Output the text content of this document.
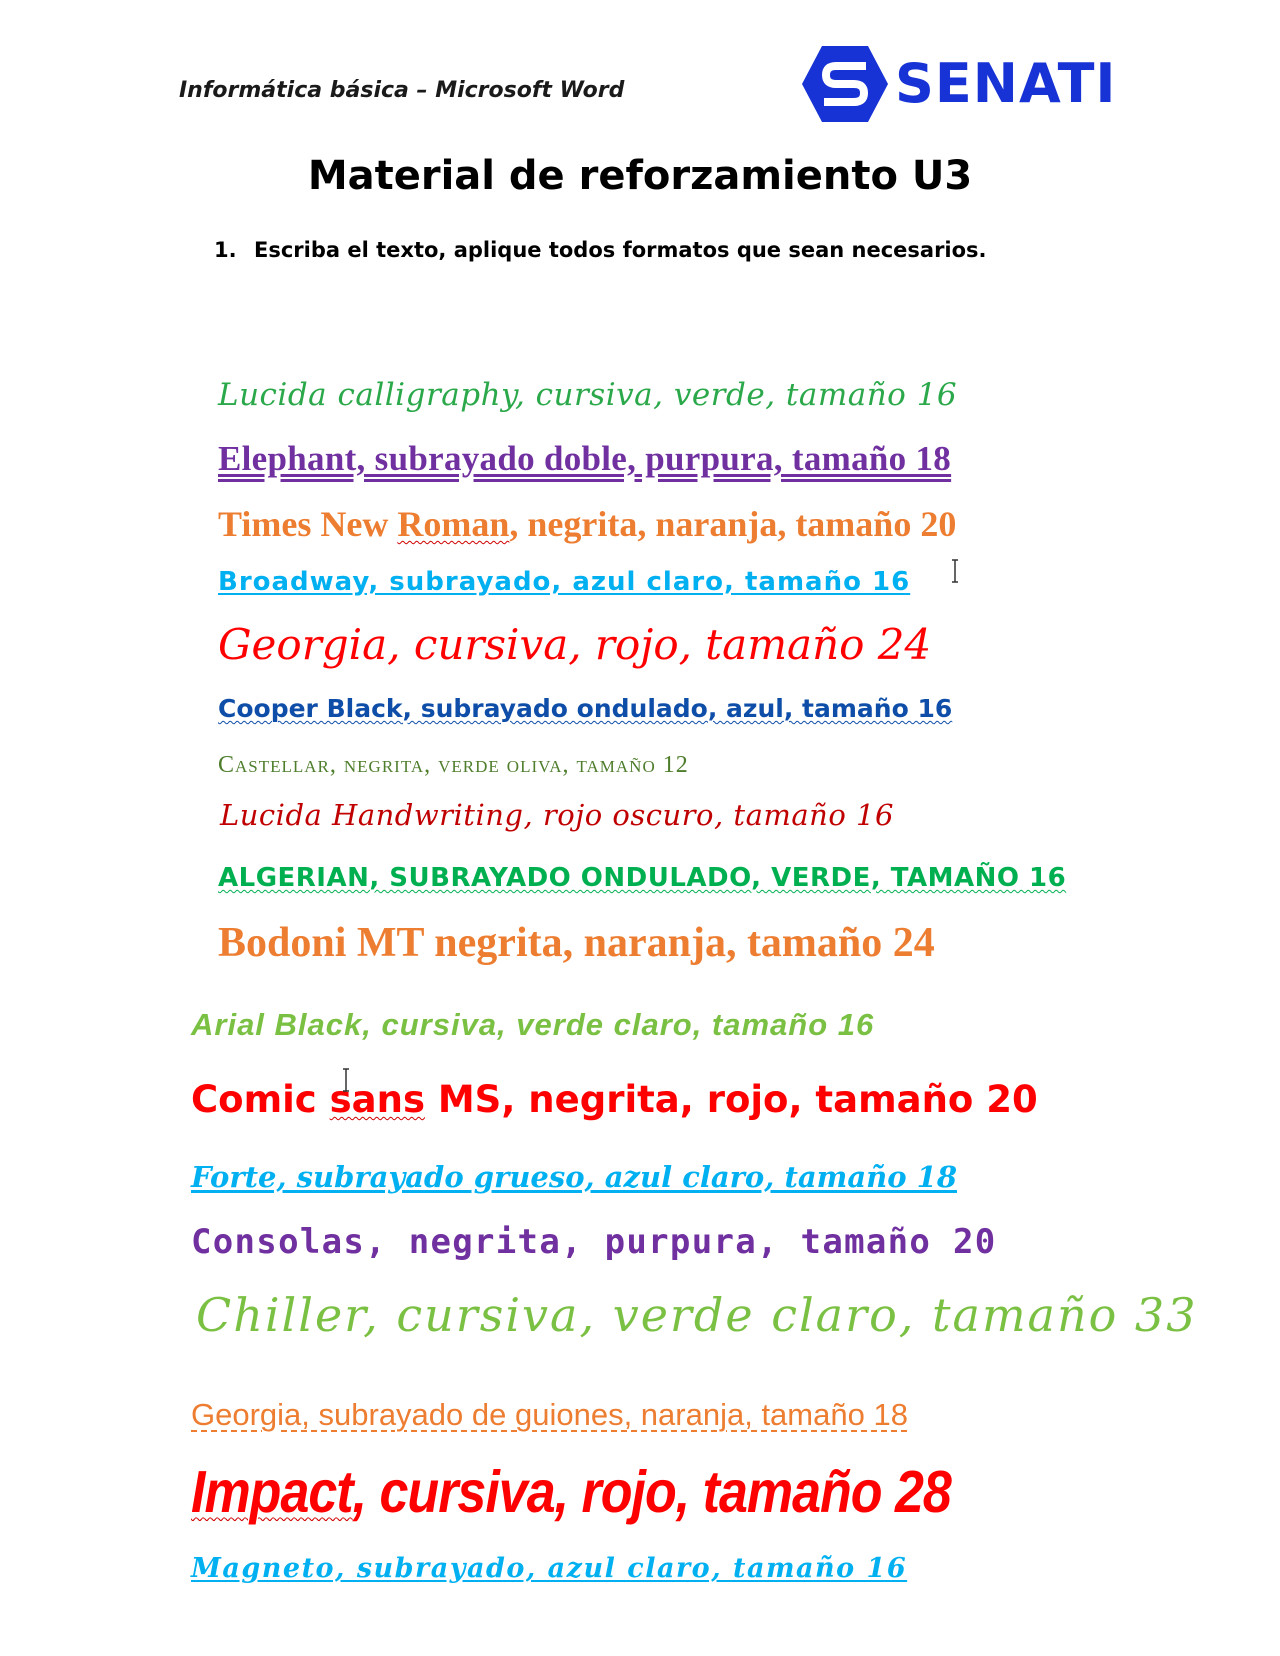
Informática básica – Microsoft Word	SENATI
Material de reforzamiento U3
1. Escriba el texto, aplique todos formatos que sean necesarios.
Lucida calligraphy, cursiva, verde, tamaño 16
Elephant, subrayado doble, purpura, tamaño 18
Times New Roman, negrita, naranja, tamaño 20
Broadway, subrayado, azul claro, tamaño 16
Georgia, cursiva, rojo, tamaño 24
Cooper Black, subrayado ondulado, azul, tamaño 16
Castellar, negrita, verde oliva, tamaño 12
Lucida Handwriting, rojo oscuro, tamaño 16
ALGERIAN, SUBRAYADO ONDULADO, VERDE, TAMAÑO 16
Bodoni MT negrita, naranja, tamaño 24
Arial Black, cursiva, verde claro, tamaño 16
Comic sans MS, negrita, rojo, tamaño 20
Forte, subrayado grueso, azul claro, tamaño 18
Consolas, negrita, purpura, tamaño 20
Chiller, cursiva, verde claro, tamaño 33
Georgia, subrayado de guiones, naranja, tamaño 18
Impact, cursiva, rojo, tamaño 28
Magneto, subrayado, azul claro, tamaño 16
